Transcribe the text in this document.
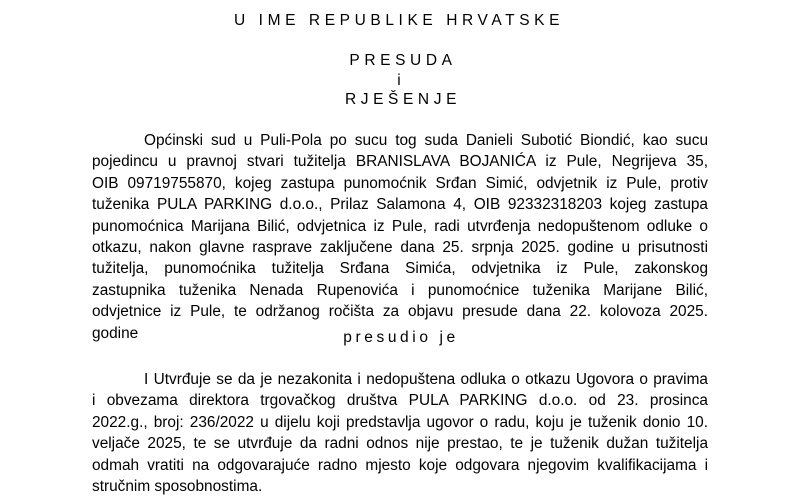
U IME REPUBLIKE HRVATSKE
PRESUDA
i
RJEŠENJE
Općinski sud u Puli-Pola po sucu tog suda Danieli Subotić Biondić, kao sucu
pojedincu u pravnoj stvari tužitelja BRANISLAVA BOJANIĆA iz Pule, Negrijeva 35,
OIB 09719755870, kojeg zastupa punomoćnik Srđan Simić, odvjetnik iz Pule, protiv
tuženika PULA PARKING d.o.o., Prilaz Salamona 4, OIB 92332318203 kojeg zastupa
punomoćnica Marijana Bilić, odvjetnica iz Pule, radi utvrđenja nedopuštenom odluke o
otkazu, nakon glavne rasprave zaključene dana 25. srpnja 2025. godine u prisutnosti
tužitelja, punomoćnika tužitelja Srđana Simića, odvjetnika iz Pule, zakonskog
zastupnika tuženika Nenada Rupenovića i punomoćnice tuženika Marijane Bilić,
odvjetnice iz Pule, te održanog ročišta za objavu presude dana 22. kolovoza 2025.
godine	presudio je
I Utvrđuje se da je nezakonita i nedopuštena odluka o otkazu Ugovora o pravima
i obvezama direktora trgovačkog društva PULA PARKING d.o.o. od 23. prosinca
2022.g., broj: 236/2022 u dijelu koji predstavlja ugovor o radu, koju je tuženik donio 10.
veljače 2025, te se utvrđuje da radni odnos nije prestao, te je tuženik dužan tužitelja
odmah vratiti na odgovarajuće radno mjesto koje odgovara njegovim kvalifikacijama i
stručnim sposobnostima.
